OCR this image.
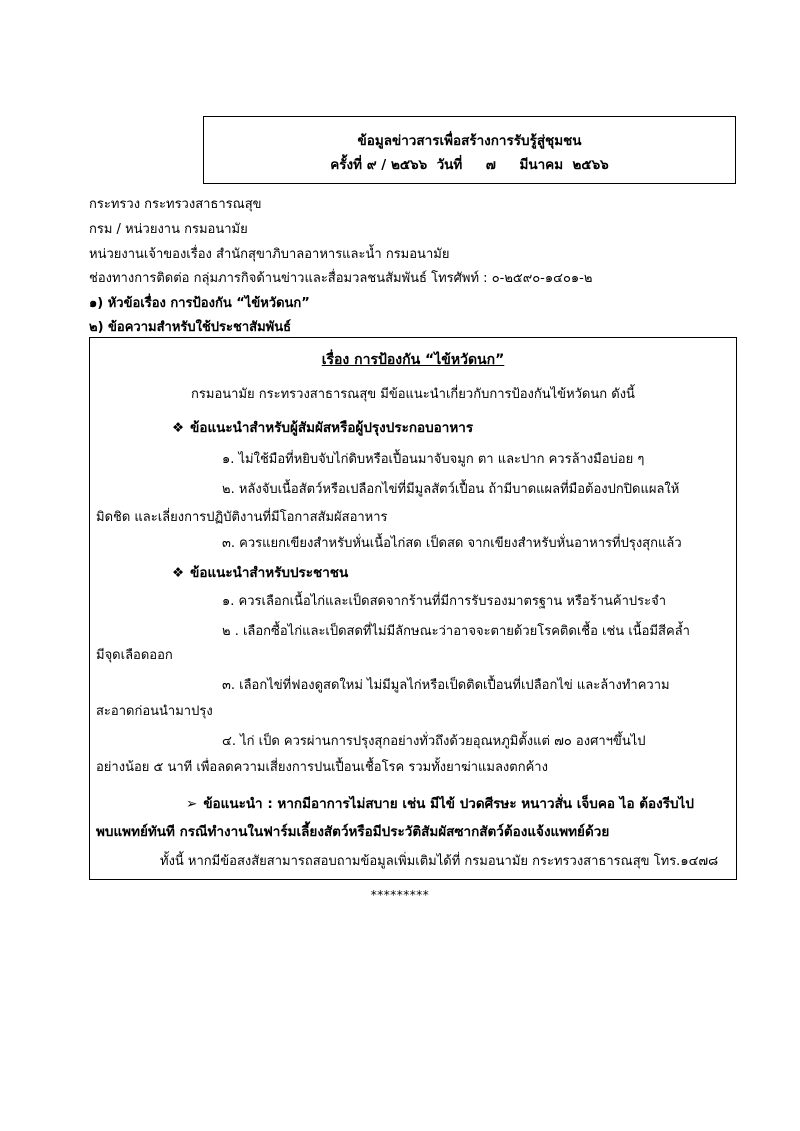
ข้อมูลข่าวสารเพื่อสร้างการรับรู้สู่ชุมชน
ครั้งที่ ๙ / ๒๕๖๖  วันที่     ๗     มีนาคม  ๒๕๖๖
กระทรวง กระทรวงสาธารณสุข
กรม / หน่วยงาน กรมอนามัย
หน่วยงานเจ้าของเรื่อง สำนักสุขาภิบาลอาหารและน้ำ กรมอนามัย
ช่องทางการติดต่อ กลุ่มภารกิจด้านข่าวและสื่อมวลชนสัมพันธ์ โทรศัพท์ : ๐-๒๕๙๐-๑๔๐๑-๒
๑) หัวข้อเรื่อง การป้องกัน “ไข้หวัดนก”
๒) ข้อความสำหรับใช้ประชาสัมพันธ์
เรื่อง การป้องกัน “ไข้หวัดนก”
กรมอนามัย กระทรวงสาธารณสุข มีข้อแนะนำเกี่ยวกับการป้องกันไข้หวัดนก ดังนี้
❖ ข้อแนะนำสำหรับผู้สัมผัสหรือผู้ปรุงประกอบอาหาร
๑. ไม่ใช้มือที่หยิบจับไก่ดิบหรือเปื้อนมาจับจมูก ตา และปาก ควรล้างมือบ่อย ๆ
๒. หลังจับเนื้อสัตว์หรือเปลือกไข่ที่มีมูลสัตว์เปื้อน ถ้ามีบาดแผลที่มือต้องปกปิดแผลให้
มิดชิด และเลี่ยงการปฏิบัติงานที่มีโอกาสสัมผัสอาหาร
๓. ควรแยกเขียงสำหรับหั่นเนื้อไก่สด เป็ดสด จากเขียงสำหรับหั่นอาหารที่ปรุงสุกแล้ว
❖ ข้อแนะนำสำหรับประชาชน
๑. ควรเลือกเนื้อไก่และเป็ดสดจากร้านที่มีการรับรองมาตรฐาน หรือร้านค้าประจำ
๒ . เลือกซื้อไก่และเป็ดสดที่ไม่มีลักษณะว่าอาจจะตายด้วยโรคติดเชื้อ เช่น เนื้อมีสีคล้ำ
มีจุดเลือดออก
๓. เลือกไข่ที่ฟองดูสดใหม่ ไม่มีมูลไก่หรือเป็ดติดเปื้อนที่เปลือกไข่ และล้างทำความ
สะอาดก่อนนำมาปรุง
๔. ไก่ เป็ด ควรผ่านการปรุงสุกอย่างทั่วถึงด้วยอุณหภูมิตั้งแต่ ๗๐ องศาฯขึ้นไป
อย่างน้อย ๕ นาที เพื่อลดความเสี่ยงการปนเปื้อนเชื้อโรค รวมทั้งยาฆ่าแมลงตกค้าง
➢ ข้อแนะนำ : หากมีอาการไม่สบาย เช่น มีไข้ ปวดศีรษะ หนาวสั่น เจ็บคอ ไอ ต้องรีบไป
พบแพทย์ทันที กรณีทำงานในฟาร์มเลี้ยงสัตว์หรือมีประวัติสัมผัสซากสัตว์ต้องแจ้งแพทย์ด้วย
ทั้งนี้ หากมีข้อสงสัยสามารถสอบถามข้อมูลเพิ่มเติมได้ที่ กรมอนามัย กระทรวงสาธารณสุข โทร.๑๔๗๘
*********
